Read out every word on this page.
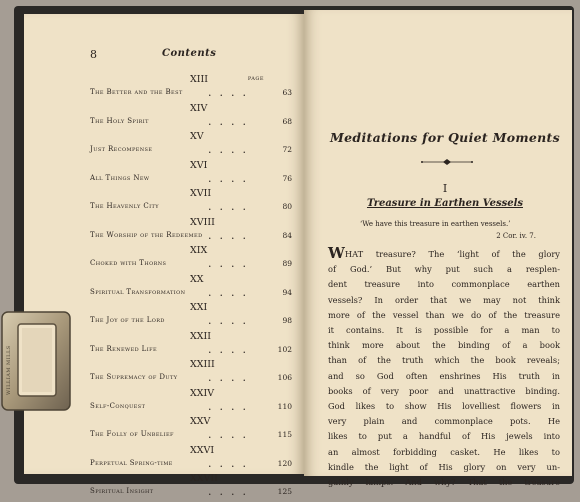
8	Contents
PAGE
XIII
The Better and the Best ....	63
XIV
The Holy Spirit	....	68
XV
Just Recompense	....	72
XVI
All Things New	....	76
XVII
The Heavenly City	....	80
XVIII
The Worship of the Redeemed ....	84
XIX
Choked with Thorns	....	89
XX
Spiritual Transformation ....	94
XXI
The Joy of the Lord	....	98
XXII
The Renewed Life	....	102
XXIII
The Supremacy of Duty	....	106
XXIV
Self-Conquest	....	110
XXV
The Folly of Unbelief	....	115
XXVI
Perpetual Spring-time	....	120
XXVII
Spiritual Insight	....	125
Meditations for Quiet Moments
I
Treasure in Earthen Vessels
‘We have this treasure in earthen vessels.’
2 Cor. iv. 7.
WHAT treasure? The ‘light of the glory
of God.’ But why put such a resplen-
dent treasure into commonplace earthen
vessels? In order that we may not think
more of the vessel than we do of the treasure
it contains. It is possible for a man to
think more about the binding of a book
than of the truth which the book reveals;
and so God often enshrines His truth in
books of very poor and unattractive binding.
God likes to show His lovelliest flowers in
very plain and commonplace pots. He
likes to put a handful of His jewels into
an almost forbidding casket. He likes to
kindle the light of His glory on very un-
gainly lamps. And why? That the treasure
WILLIAM MILLS
